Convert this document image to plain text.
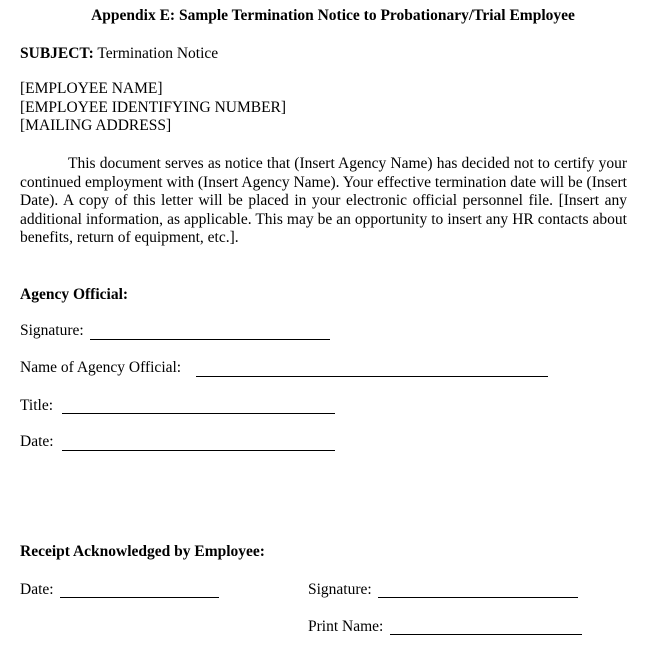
Appendix E: Sample Termination Notice to Probationary/Trial Employee
SUBJECT: Termination Notice
[EMPLOYEE NAME]
[EMPLOYEE IDENTIFYING NUMBER]
[MAILING ADDRESS]
This document serves as notice that (Insert Agency Name) has decided not to certify your continued employment with (Insert Agency Name). Your effective termination date will be (Insert Date). A copy of this letter will be placed in your electronic official personnel file. [Insert any additional information, as applicable. This may be an opportunity to insert any HR contacts about benefits, return of equipment, etc.].
Agency Official:
Signature:
Name of Agency Official:
Title:
Date:
Receipt Acknowledged by Employee:
Date:	Signature:
Print Name:
